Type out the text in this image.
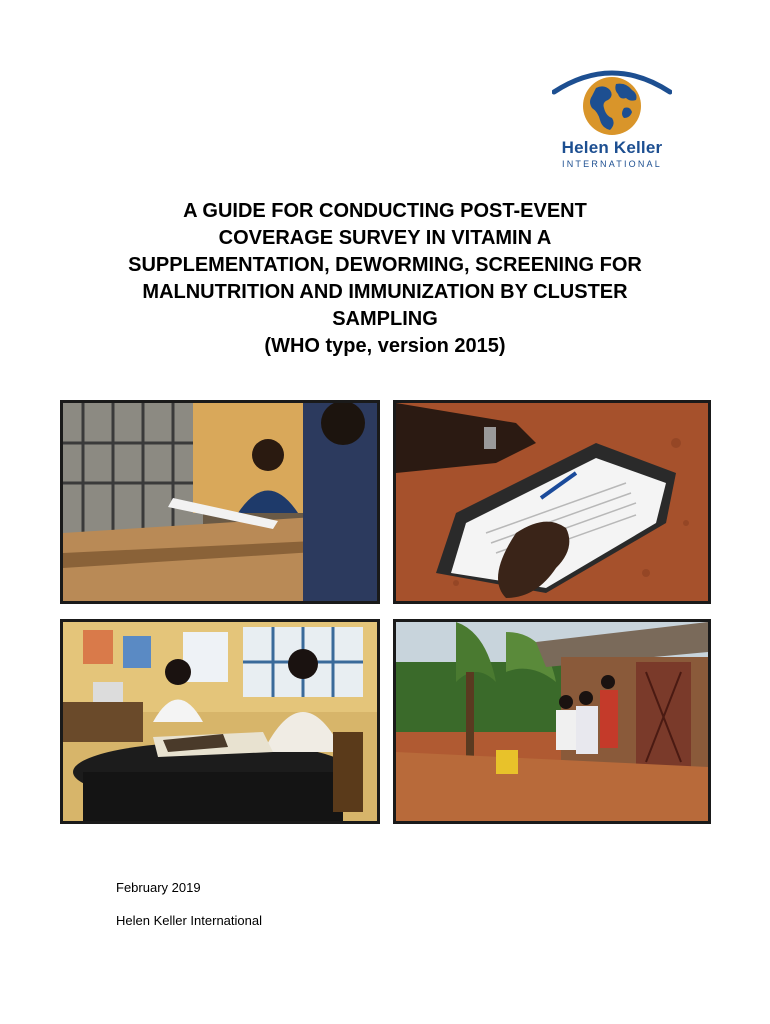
Helen Keller
INTERNATIONAL
A GUIDE FOR CONDUCTING POST-EVENT
COVERAGE SURVEY IN VITAMIN A
SUPPLEMENTATION, DEWORMING, SCREENING FOR
MALNUTRITION AND IMMUNIZATION BY CLUSTER
SAMPLING
(WHO type, version 2015)
February 2019
Helen Keller International
